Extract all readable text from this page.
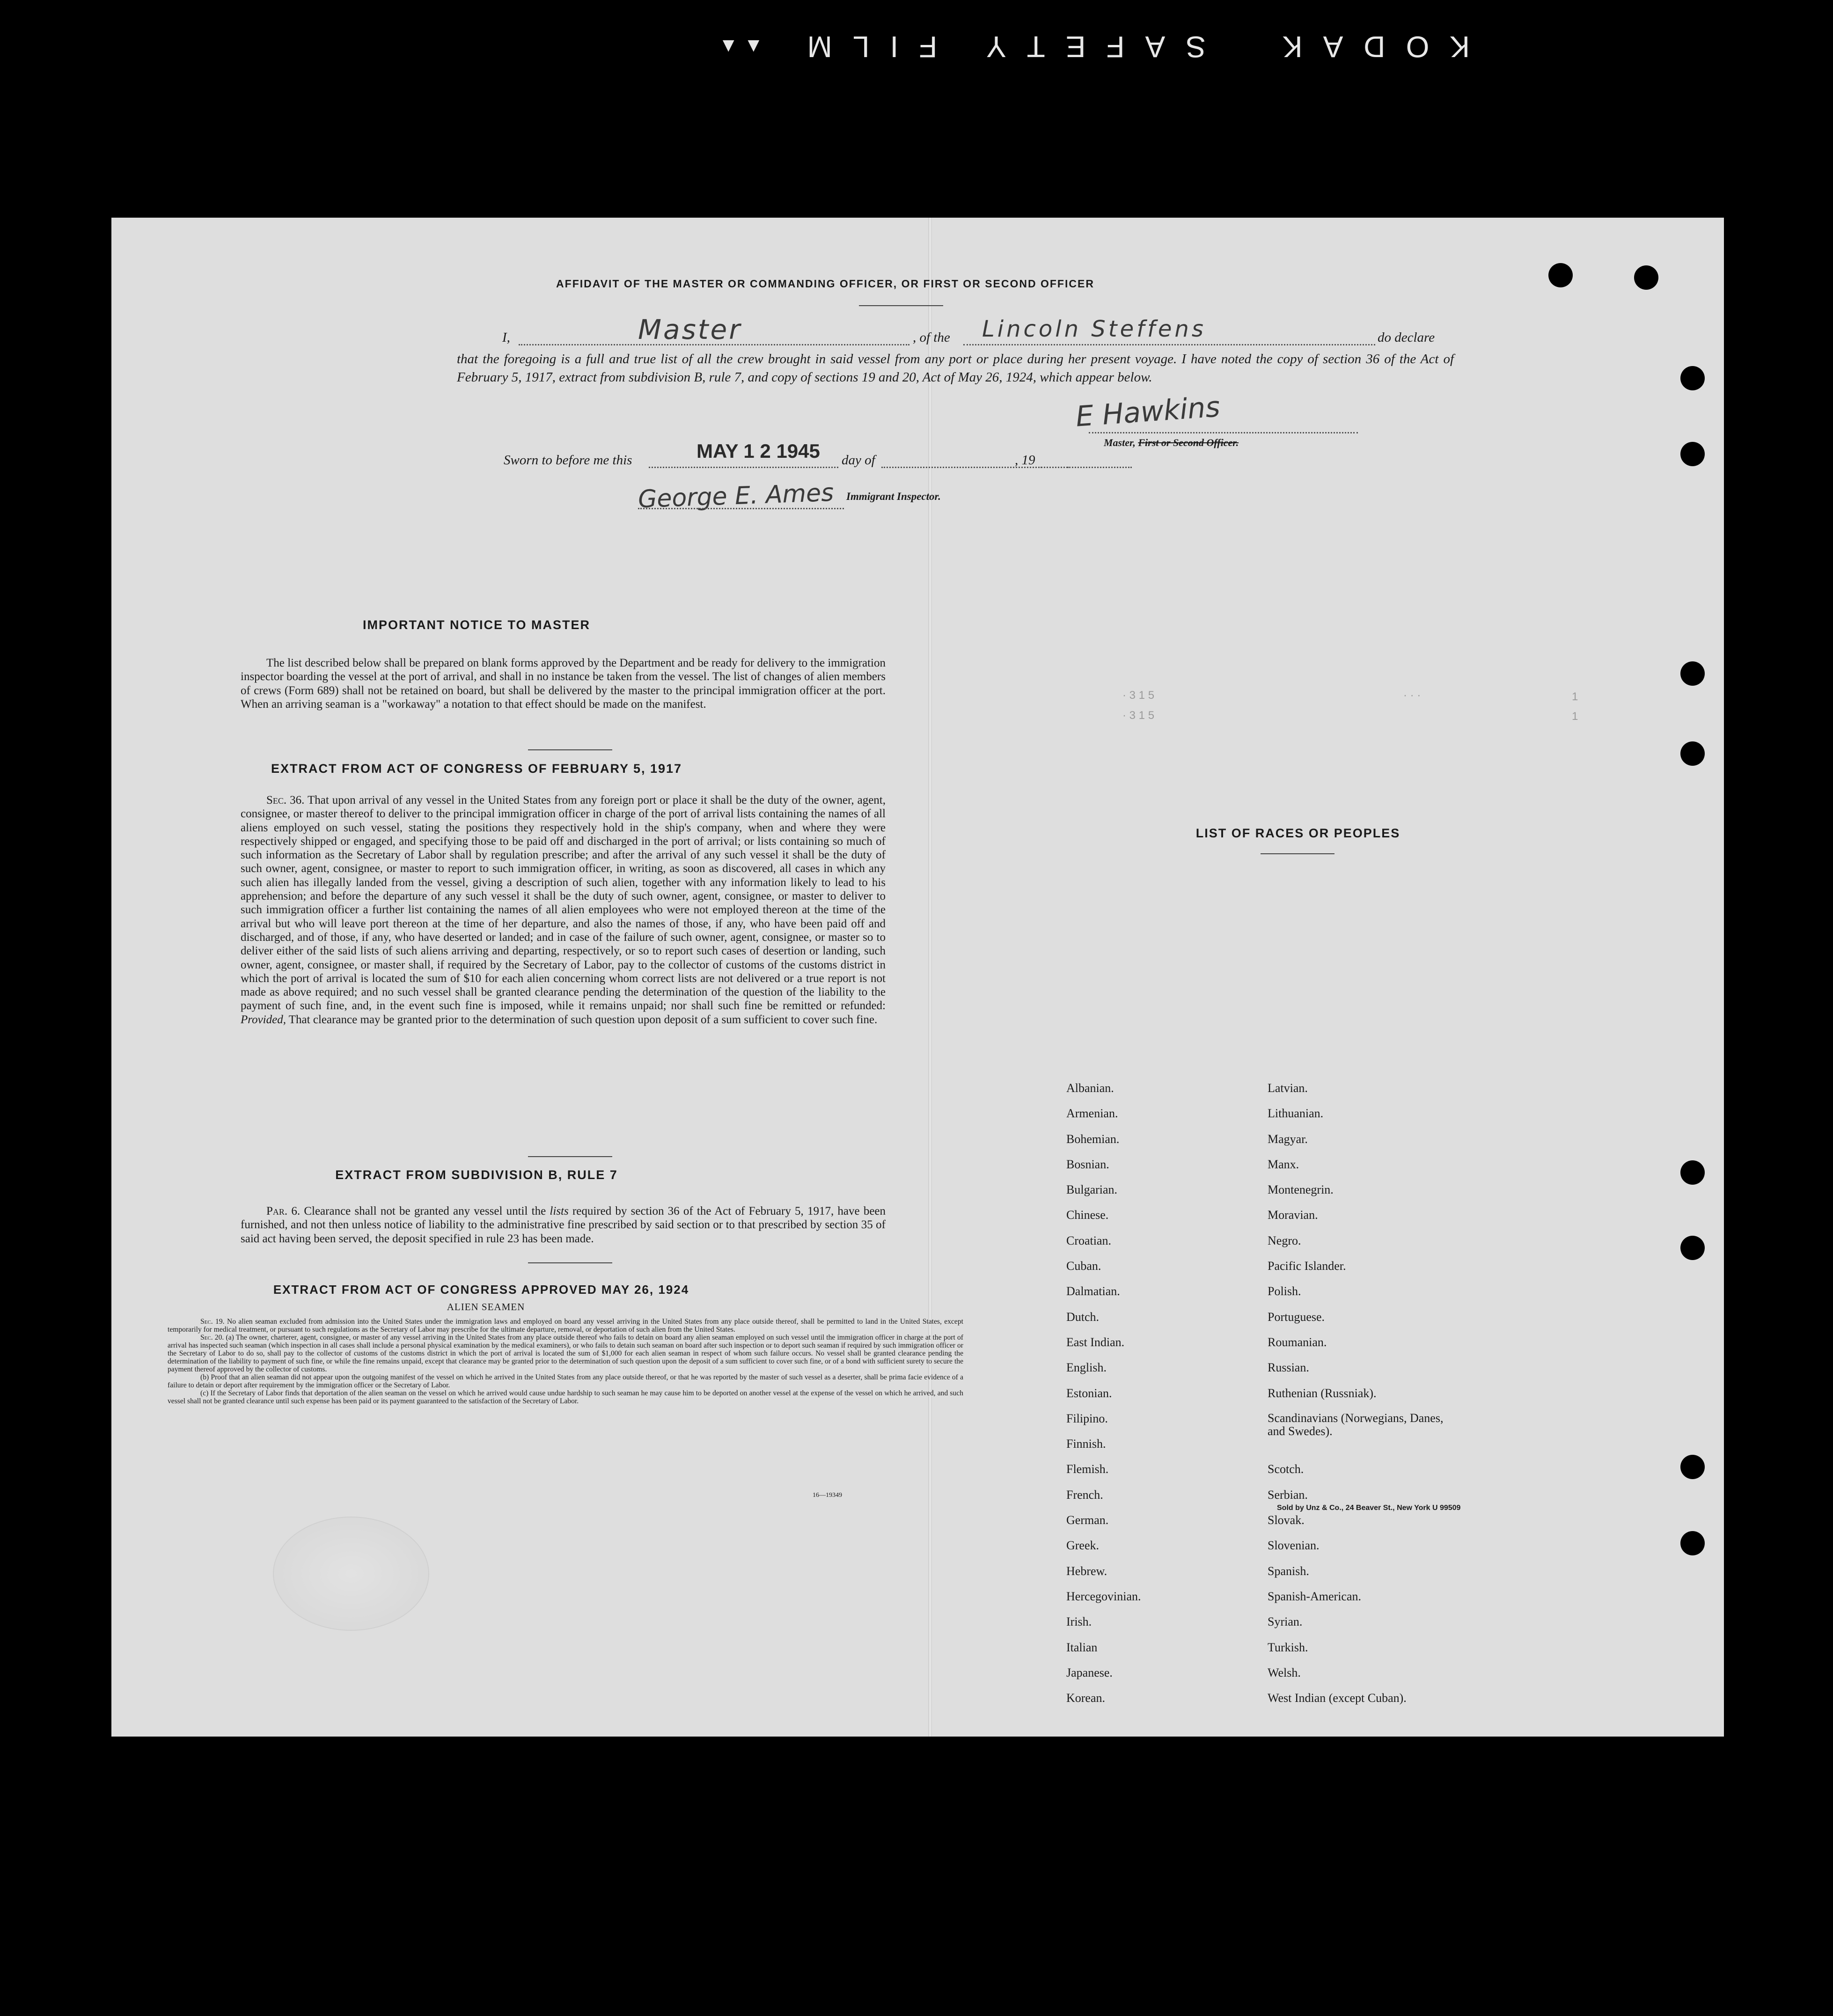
KODAK
SAFETY FILM
▲▲
AFFIDAVIT OF THE MASTER OR COMMANDING OFFICER, OR FIRST OR SECOND OFFICER
I,	Master	, of the Lincoln Steffens	do declare
that the foregoing is a full and true list of all the crew brought in said vessel from any port or place during her present voyage. I have noted the copy of section 36 of the Act of February 5, 1917, extract from subdivision B, rule 7, and copy of sections 19 and 20, Act of May 26, 1924, which appear below.
E Hawkins
Master, First or Second Officer.
Sworn to before me this	MAY 1 2 1945 day of	, 19
George E. Ames Immigrant Inspector.
IMPORTANT NOTICE TO MASTER

The list described below shall be prepared on blank forms approved by the Department and be ready for delivery to the immigration inspector boarding the vessel at the port of arrival, and shall in no instance be taken from the vessel. The list of changes of alien members of crews (Form 689) shall not be retained on board, but shall be delivered by the master to the principal immigration officer at the port. When an arriving seaman is a "workaway" a notation to that effect should be made on the manifest.

EXTRACT FROM ACT OF CONGRESS OF FEBRUARY 5, 1917

Sec. 36. That upon arrival of any vessel in the United States from any foreign port or place it shall be the duty of the owner, agent, consignee, or master thereof to deliver to the principal immigration officer in charge of the port of arrival lists containing the names of all aliens employed on such vessel, stating the positions they respectively hold in the ship's company, when and where they were respectively shipped or engaged, and specifying those to be paid off and discharged in the port of arrival; or lists containing so much of such information as the Secretary of Labor shall by regulation prescribe; and after the arrival of any such vessel it shall be the duty of such owner, agent, consignee, or master to report to such immigration officer, in writing, as soon as discovered, all cases in which any such alien has illegally landed from the vessel, giving a description of such alien, together with any information likely to lead to his apprehension; and before the departure of any such vessel it shall be the duty of such owner, agent, consignee, or master to deliver to such immigration officer a further list containing the names of all alien employees who were not employed thereon at the time of the arrival but who will leave port thereon at the time of her departure, and also the names of those, if any, who have been paid off and discharged, and of those, if any, who have deserted or landed; and in case of the failure of such owner, agent, consignee, or master so to deliver either of the said lists of such aliens arriving and departing, respectively, or so to report such cases of desertion or landing, such owner, agent, consignee, or master shall, if required by the Secretary of Labor, pay to the collector of customs of the customs district in which the port of arrival is located the sum of $10 for each alien concerning whom correct lists are not delivered or a true report is not made as above required; and no such vessel shall be granted clearance pending the determination of the question of the liability to the payment of such fine, and, in the event such fine is imposed, while it remains unpaid; nor shall such fine be remitted or refunded: Provided, That clearance may be granted prior to the determination of such question upon deposit of a sum sufficient to cover such fine.

EXTRACT FROM SUBDIVISION B, RULE 7

Par. 6. Clearance shall not be granted any vessel until the lists required by section 36 of the Act of February 5, 1917, have been furnished, and not then unless notice of liability to the administrative fine prescribed by said section or to that prescribed by section 35 of said act having been served, the deposit specified in rule 23 has been made.

EXTRACT FROM ACT OF CONGRESS APPROVED MAY 26, 1924
ALIEN SEAMEN

Sec. 19. No alien seaman excluded from admission into the United States under the immigration laws and employed on board any vessel arriving in the United States from any place outside thereof, shall be permitted to land in the United States, except temporarily for medical treatment, or pursuant to such regulations as the Secretary of Labor may prescribe for the ultimate departure, removal, or deportation of such alien from the United States.

Sec. 20. (a) The owner, charterer, agent, consignee, or master of any vessel arriving in the United States from any place outside thereof who fails to detain on board any alien seaman employed on such vessel until the immigration officer in charge at the port of arrival has inspected such seaman (which inspection in all cases shall include a personal physical examination by the medical examiners), or who fails to detain such seaman on board after such inspection or to deport such seaman if required by such immigration officer or the Secretary of Labor to do so, shall pay to the collector of customs of the customs district in which the port of arrival is located the sum of $1,000 for each alien seaman in respect of whom such failure occurs. No vessel shall be granted clearance pending the determination of the liability to payment of such fine, or while the fine remains unpaid, except that clearance may be granted prior to the determination of such question upon the deposit of a sum sufficient to cover such fine, or of a bond with sufficient surety to secure the payment thereof approved by the collector of customs.

(b) Proof that an alien seaman did not appear upon the outgoing manifest of the vessel on which he arrived in the United States from any place outside thereof, or that he was reported by the master of such vessel as a deserter, shall be prima facie evidence of a failure to detain or deport after requirement by the immigration officer or the Secretary of Labor.

(c) If the Secretary of Labor finds that deportation of the alien seaman on the vessel on which he arrived would cause undue hardship to such seaman he may cause him to be deported on another vessel at the expense of the vessel on which he arrived, and such vessel shall not be granted clearance until such expense has been paid or its payment guaranteed to the satisfaction of the Secretary of Labor.

16—19349
· 3 1 5
· 3 1 5
· · ·	1
1
LIST OF RACES OR PEOPLES
Albanian.	Latvian.
Armenian.	Lithuanian.
Bohemian.	Magyar.
Bosnian.	Manx.
Bulgarian.	Montenegrin.
Chinese.	Moravian.
Croatian.	Negro.
Cuban.	Pacific Islander.
Dalmatian.	Polish.
Dutch.	Portuguese.
East Indian.	Roumanian.
English.	Russian.
Estonian.	Ruthenian (Russniak).
Filipino.	Scandinavians (Norwegians, Danes, and Swedes).
Finnish.
Flemish.	Scotch.
French.	Serbian.
German.	Slovak.
Greek.	Slovenian.
Hebrew.	Spanish.
Hercegovinian.	Spanish-American.
Irish.	Syrian.
Italian	Turkish.
Japanese.	Welsh.
Korean.	West Indian (except Cuban).
Sold by Unz & Co., 24 Beaver St., New York U 99509
